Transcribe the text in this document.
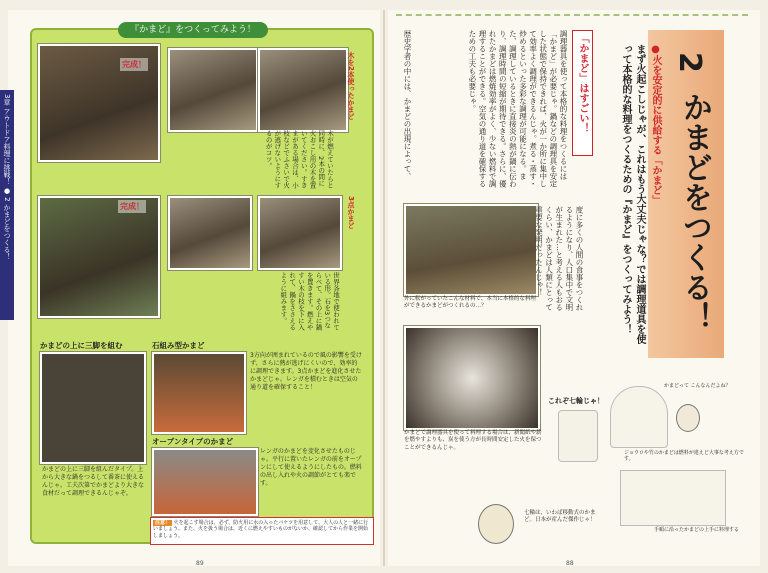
3章 アウトドア料理に挑戦！ ● 2 かまどをつくる！
『かまど』をつくってみよう！
完成！	木を2本使ったかまど
木が燃えていたらと同時に、2本の間に火おこし用の木を置いてください。すきまがある場合は、小枝などでふさいで火が逃げないようにするのがコツ。
完成！	3点かまど
世界各地で使われている形。石を3つならべて、その上に鍋を置きます。燃えやすい木の枝を下に入れて、鍋をささえるように組みます。
かまどの上に三脚を組む
かまどの上に三脚を組んだタイプ。上から大きな鍋をつるして番茶に使えるんじゃ。工夫次第でかまどより大きな食材だって調理できるんじゃぞ。
石組み型かまど
3方向が囲まれているので風の影響を受けず、さらに熱が逃げにくいので、効率的に調理できます。3点かまどを進化させたかまどじゃ。レンガを積むときは空気の通り道を確保すること！
オープンタイプのかまど
レンガのかまどを変化させたものじゃ。平行に置いたレンガの前をオープンにして使えるようにしたもの。燃料の出し入れや火の調節がとても楽です。
注意！ 火を起こす場合は、必ず、防火用に水の入ったバケツを用意して、大人の人と一緒に行いましょう。また、火を扱う場合は、近くに燃えやすいものがないか、確認してから作業を開始しましょう。
89
2
かまどをつくる！
●火を安定的に供給する「かまど」
まず火起こしじゃが、これはもう大丈夫じゃな？では調理道具を使って本格的な料理をつくるための『かまど』をつくってみよう！
「かまど」はすごい！
調理器具を使って本格的な料理をつくるには「かまど」が必要じゃ。鍋などの調理具を安定した状態で保持できれば、火が一か所に集中して効率よく調理ができるんじゃ。煮る・蒸す・炒めるといった多彩な調理が可能になる。また、調理しているときに直接炎の熱が鍋に伝わり、調理時間の短縮が期待できる。さらに、優れたかまどは燃焼効率がよく、少ない燃料で調理することができる。空気の通り道を確保するための工夫も必要じゃ。
歴史学者の中には、かまどの出現によって、
外に転がっていたこんな材料で、本当に本格的な料理ができるかまどがつくれるの…？	度に多くの人間の食事をつくれるようになり、人口集中で文明が生まれた…と考える人もおるくらい、かまどは人類にとって重要な発明だったんじゃ！
かまどで調理器具を使って料理する場合は、新聞紙や薪を燃やすよりも、炭を使う方が長時間安定した火を保つことができるんじゃ。
これぞ七輪じゃ！
七輪は、いわば移動式のかまど。日本が産んだ傑作じゃ！
かまどって こんなんだよね？
ジョウロや竹のかまどは燃料が違えど大事な考え方です。
手順に沿ったかまどの上手に料理する
88
